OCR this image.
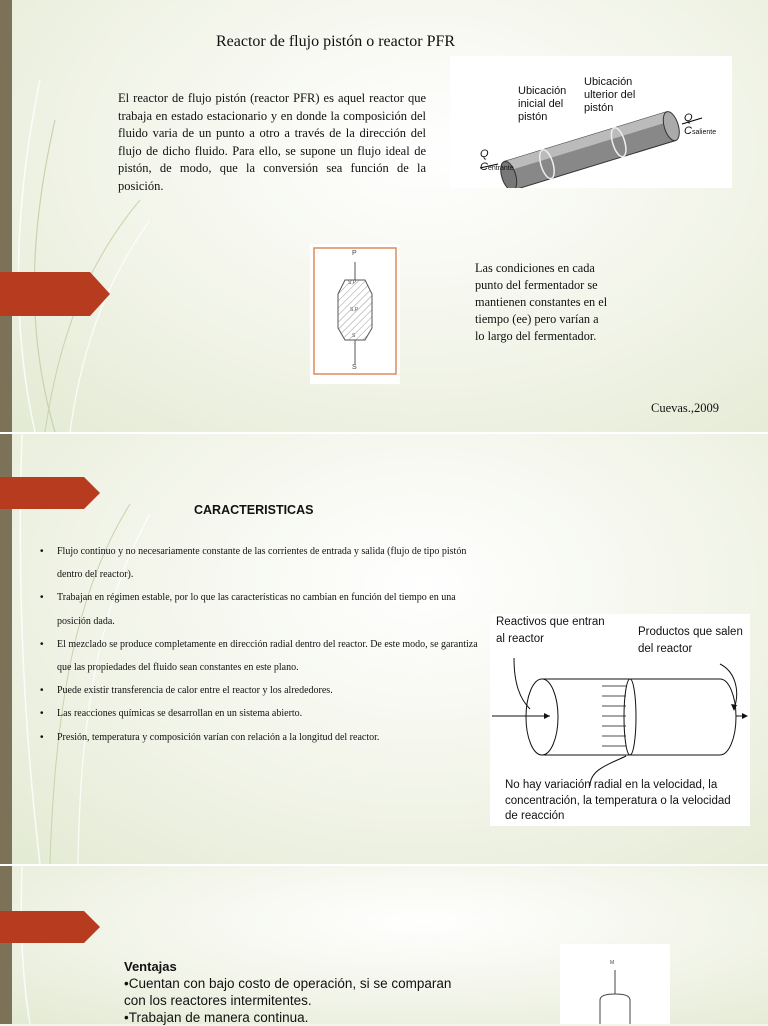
Reactor de flujo pistón o reactor PFR
El reactor de flujo pistón (reactor PFR) es aquel reactor que trabaja en estado estacionario y en donde la composición del fluido varia de un punto a otro a través de la dirección del flujo de dicho fluido. Para ello, se supone un flujo ideal de pistón, de modo, que la conversión sea función de la posición.
Ubicación
inicial del
pistón
Ubicación
ulterior del
pistón
Q
Centrante
Q
Csaliente
P
S
S,P
S,P
S
Las condiciones en cada punto del fermentador se mantienen constantes en el tiempo (ee) pero varían a lo largo del fermentador.
Cuevas.,2009
CARACTERISTICAS
• Flujo continuo y no necesariamente constante de las corrientes de entrada y salida (flujo de tipo pistón dentro del reactor).
• Trabajan en régimen estable, por lo que las características no cambian en función del tiempo en una posición dada.
• El mezclado se produce completamente en dirección radial dentro del reactor. De este modo, se garantiza que las propiedades del fluido sean constantes en este plano.
• Puede existir transferencia de calor entre el reactor y los alrededores.
• Las reacciones químicas se desarrollan en un sistema abierto.
• Presión, temperatura y composición varían con relación a la longitud del reactor.
Reactivos que entran
al reactor
Productos que salen
del reactor
No hay variación radial en la velocidad, la
concentración, la temperatura o la velocidad
de reacción
Ventajas
•Cuentan con bajo costo de operación, si se comparan
con los reactores intermitentes.
•Trabajan de manera continua.
M
